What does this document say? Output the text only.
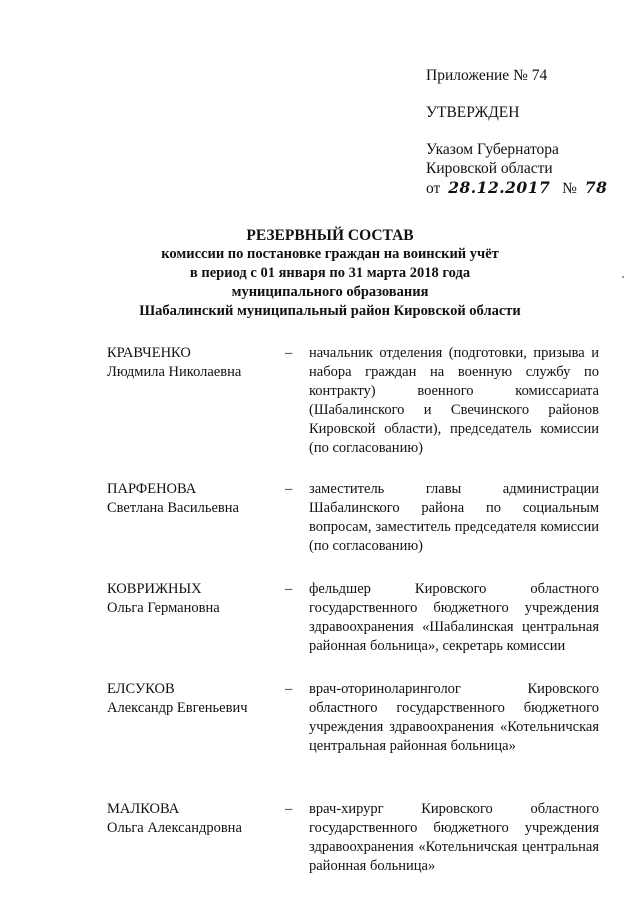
Приложение № 74
УТВЕРЖДЕН
Указом Губернатора
Кировской области
от 28.12.2017 № 78
РЕЗЕРВНЫЙ СОСТАВ
комиссии по постановке граждан на воинский учёт
в период с 01 января по 31 марта 2018 года
муниципального образования
Шабалинский муниципальный район Кировской области
КРАВЧЕНКО
Людмила Николаевна
–	начальник отделения (подготовки, призыва и набора граждан на военную службу по контракту) военного комиссариата (Шабалинского и Свечинского районов Кировской области), председатель комиссии (по согласованию)
ПАРФЕНОВА
Светлана Васильевна
–	заместитель главы администрации Шабалинского района по социальным вопросам, заместитель председателя комиссии (по согласованию)
КОВРИЖНЫХ
Ольга Германовна
–	фельдшер Кировского областного государственного бюджетного учреждения здравоохранения «Шабалинская центральная районная больница», секретарь комиссии
ЕЛСУКОВ
Александр Евгеньевич
–	врач-оториноларинголог Кировского областного государственного бюджетного учреждения здравоохранения «Котельничская центральная районная больница»
МАЛКОВА
Ольга Александровна
–	врач-хирург Кировского областного государственного бюджетного учреждения здравоохранения «Котельничская центральная районная больница»
